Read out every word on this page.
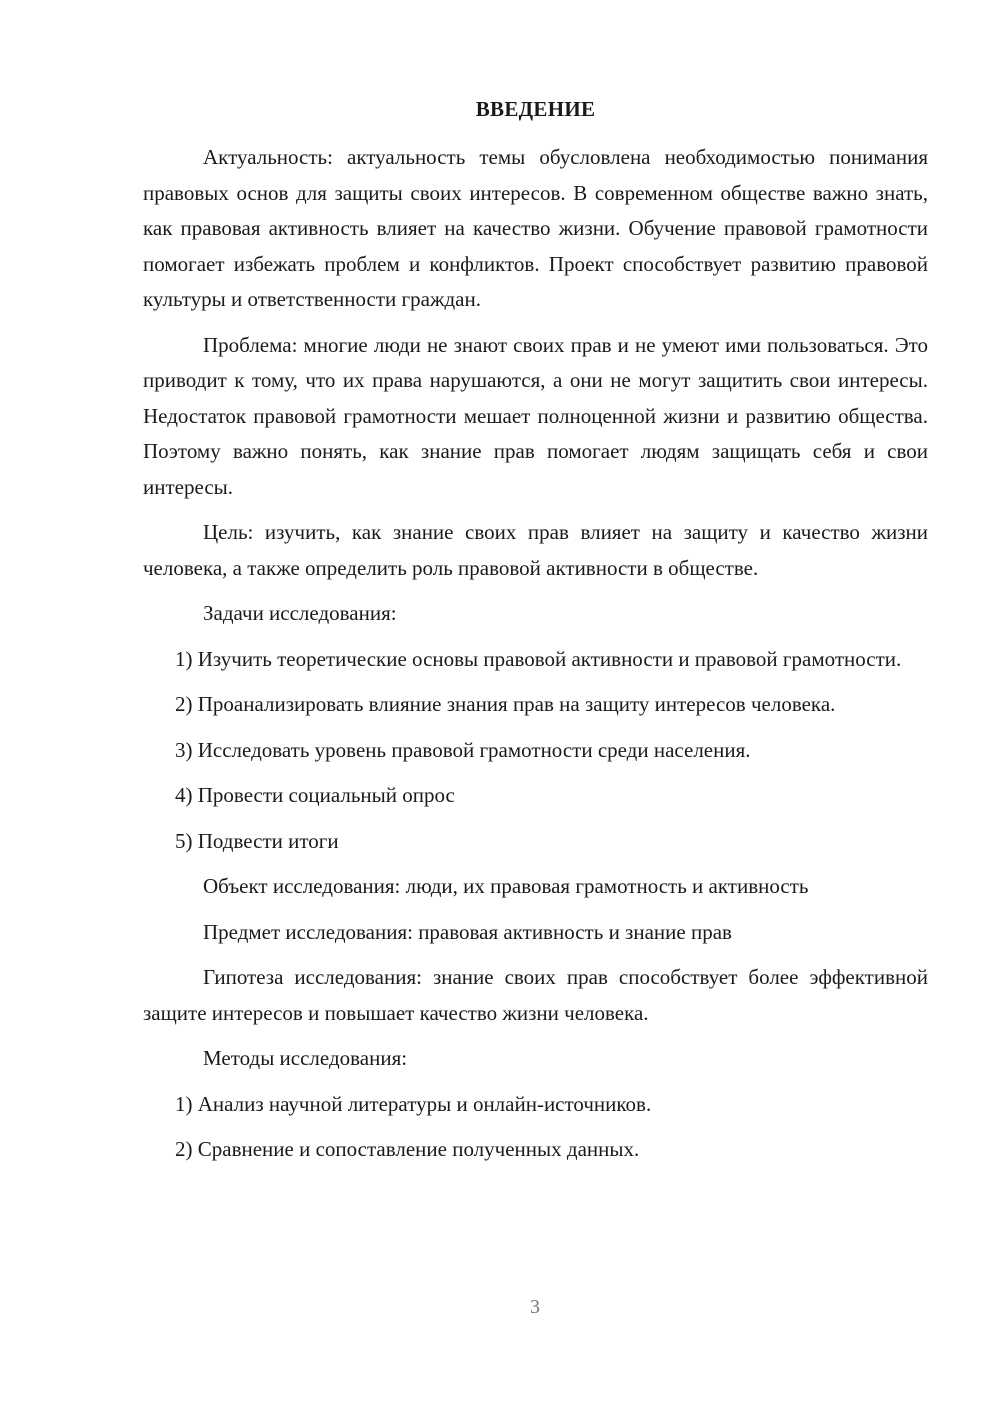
ВВЕДЕНИЕ
Актуальность: актуальность темы обусловлена необходимостью понимания правовых основ для защиты своих интересов. В современном обществе важно знать, как правовая активность влияет на качество жизни. Обучение правовой грамотности помогает избежать проблем и конфликтов. Проект способствует развитию правовой культуры и ответственности граждан.
Проблема: многие люди не знают своих прав и не умеют ими пользоваться. Это приводит к тому, что их права нарушаются, а они не могут защитить свои интересы. Недостаток правовой грамотности мешает полноценной жизни и развитию общества. Поэтому важно понять, как знание прав помогает людям защищать себя и свои интересы.
Цель: изучить, как знание своих прав влияет на защиту и качество жизни человека, а также определить роль правовой активности в обществе.
Задачи исследования:
1) Изучить теоретические основы правовой активности и правовой грамотности.
2) Проанализировать влияние знания прав на защиту интересов человека.
3) Исследовать уровень правовой грамотности среди населения.
4) Провести социальный опрос
5) Подвести итоги
Объект исследования: люди, их правовая грамотность и активность
Предмет исследования: правовая активность и знание прав
Гипотеза исследования: знание своих прав способствует более эффективной защите интересов и повышает качество жизни человека.
Методы исследования:
1) Анализ научной литературы и онлайн-источников.
2) Сравнение и сопоставление полученных данных.
3
